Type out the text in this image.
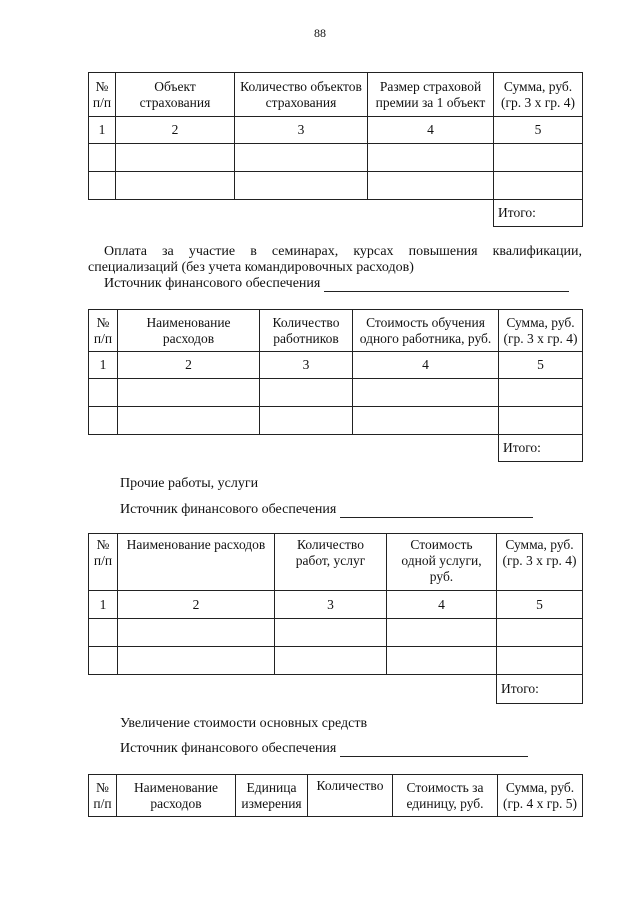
88
№ п/п	Объект страхования	Количество объектов страхования	Размер страховой премии за 1 объект	Сумма, руб. (гр. 3 х гр. 4)
1	2	3	4	5

				Итого:
Оплата за участие в семинарах, курсах повышения квалификации, специализаций (без учета командировочных расходов)
Источник финансового обеспечения
№ п/п	Наименование расходов	Количество работников	Стоимость обучения одного работника, руб.	Сумма, руб. (гр. 3 х гр. 4)
1	2	3	4	5

				Итого:
Прочие работы, услуги
Источник финансового обеспечения
№ п/п	Наименование расходов	Количество работ, услуг	Стоимость одной услуги, руб.	Сумма, руб. (гр. 3 х гр. 4)
1	2	3	4	5

				Итого:
Увеличение стоимости основных средств
Источник финансового обеспечения
№ п/п	Наименование расходов	Единица измерения	Количество	Стоимость за единицу, руб.	Сумма, руб. (гр. 4 х гр. 5)
